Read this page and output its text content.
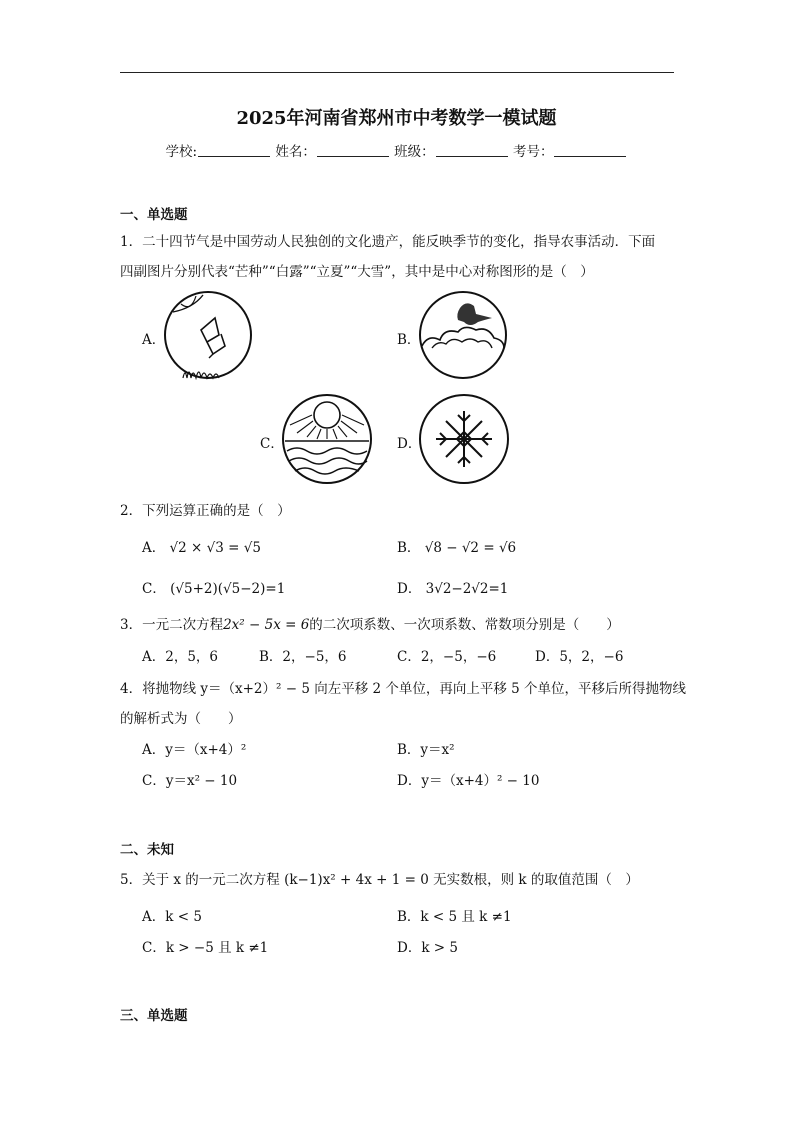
2025年河南省郑州市中考数学一模试题
学校:	姓名：	班级：	考号：
一、单选题
1．二十四节气是中国劳动人民独创的文化遗产，能反映季节的变化，指导农事活动．下面
四副图片分别代表“芒种”“白露”“立夏”“大雪”，其中是中心对称图形的是（　）
A．	B．
C．	D．
2．下列运算正确的是（　）
A． √2 × √3 = √5	B． √8 − √2 = √6
C． (√5+2)(√5−2)=1	D． 3√2−2√2=1
3．一元二次方程2x² − 5x = 6的二次项系数、一次项系数、常数项分别是（　　）
A．2，5，6	B．2，−5，6	C．2，−5，−6	D．5，2，−6
4．将抛物线 y＝（x+2）² − 5 向左平移 2 个单位，再向上平移 5 个单位，平移后所得抛物线
的解析式为（　　）
A．y＝（x+4）²	B．y＝x²
C．y＝x² − 10	D．y＝（x+4）² − 10
二、未知
5．关于 x 的一元二次方程 (k−1)x² + 4x + 1 = 0 无实数根，则 k 的取值范围（　）
A．k < 5	B．k < 5 且 k ≠1
C．k > −5 且 k ≠1	D．k > 5
三、单选题
